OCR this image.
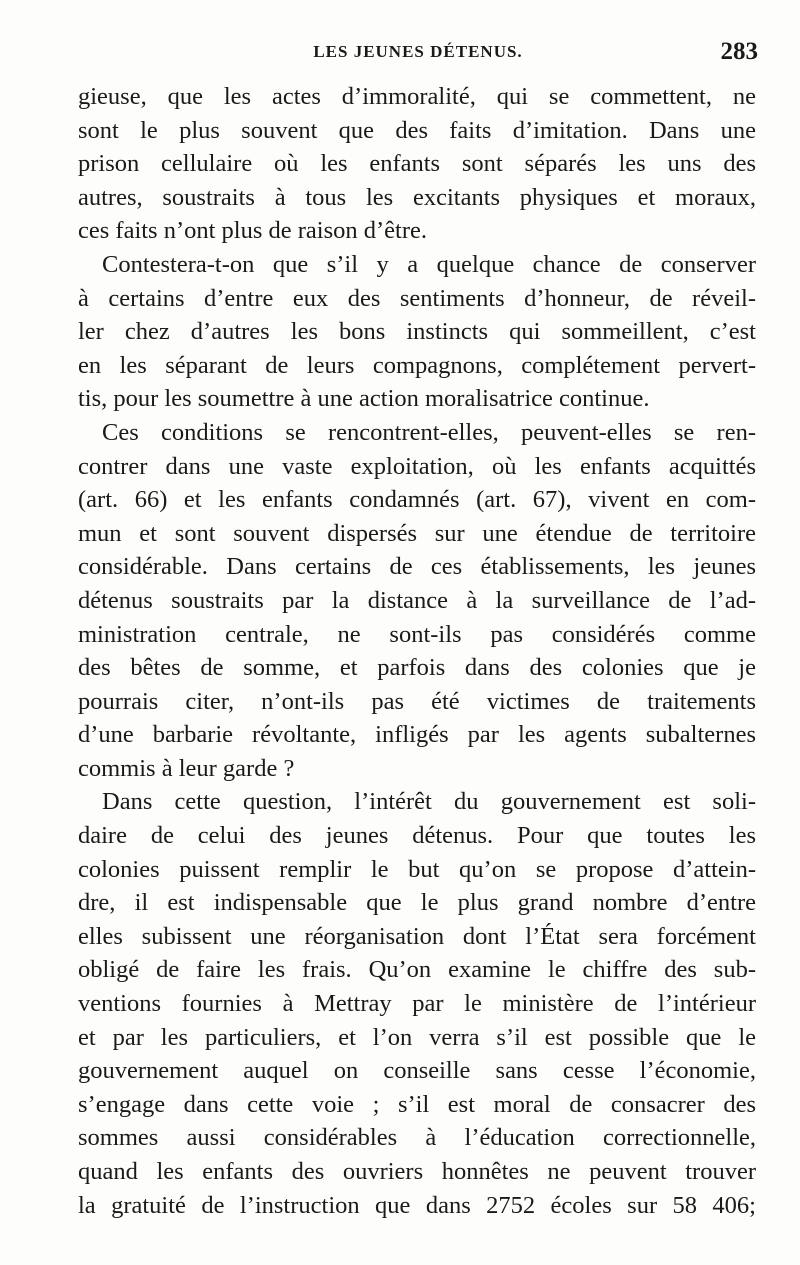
LES JEUNES DÉTENUS.	283
gieuse, que les actes d’immoralité, qui se commettent, ne
sont le plus souvent que des faits d’imitation. Dans une
prison cellulaire où les enfants sont séparés les uns des
autres, soustraits à tous les excitants physiques et moraux,
ces faits n’ont plus de raison d’être.
Contestera-t-on que s’il y a quelque chance de conserver
à certains d’entre eux des sentiments d’honneur, de réveil-
ler chez d’autres les bons instincts qui sommeillent, c’est
en les séparant de leurs compagnons, complétement pervert-
tis, pour les soumettre à une action moralisatrice continue.
Ces conditions se rencontrent-elles, peuvent-elles se ren-
contrer dans une vaste exploitation, où les enfants acquittés
(art. 66) et les enfants condamnés (art. 67), vivent en com-
mun et sont souvent dispersés sur une étendue de territoire
considérable. Dans certains de ces établissements, les jeunes
détenus soustraits par la distance à la surveillance de l’ad-
ministration centrale, ne sont-ils pas considérés comme
des bêtes de somme, et parfois dans des colonies que je
pourrais citer, n’ont-ils pas été victimes de traitements
d’une barbarie révoltante, infligés par les agents subalternes
commis à leur garde ?
Dans cette question, l’intérêt du gouvernement est soli-
daire de celui des jeunes détenus. Pour que toutes les
colonies puissent remplir le but qu’on se propose d’attein-
dre, il est indispensable que le plus grand nombre d’entre
elles subissent une réorganisation dont l’État sera forcément
obligé de faire les frais. Qu’on examine le chiffre des sub-
ventions fournies à Mettray par le ministère de l’intérieur
et par les particuliers, et l’on verra s’il est possible que le
gouvernement auquel on conseille sans cesse l’économie,
s’engage dans cette voie ; s’il est moral de consacrer des
sommes aussi considérables à l’éducation correctionnelle,
quand les enfants des ouvriers honnêtes ne peuvent trouver
la gratuité de l’instruction que dans 2752 écoles sur 58 406;
